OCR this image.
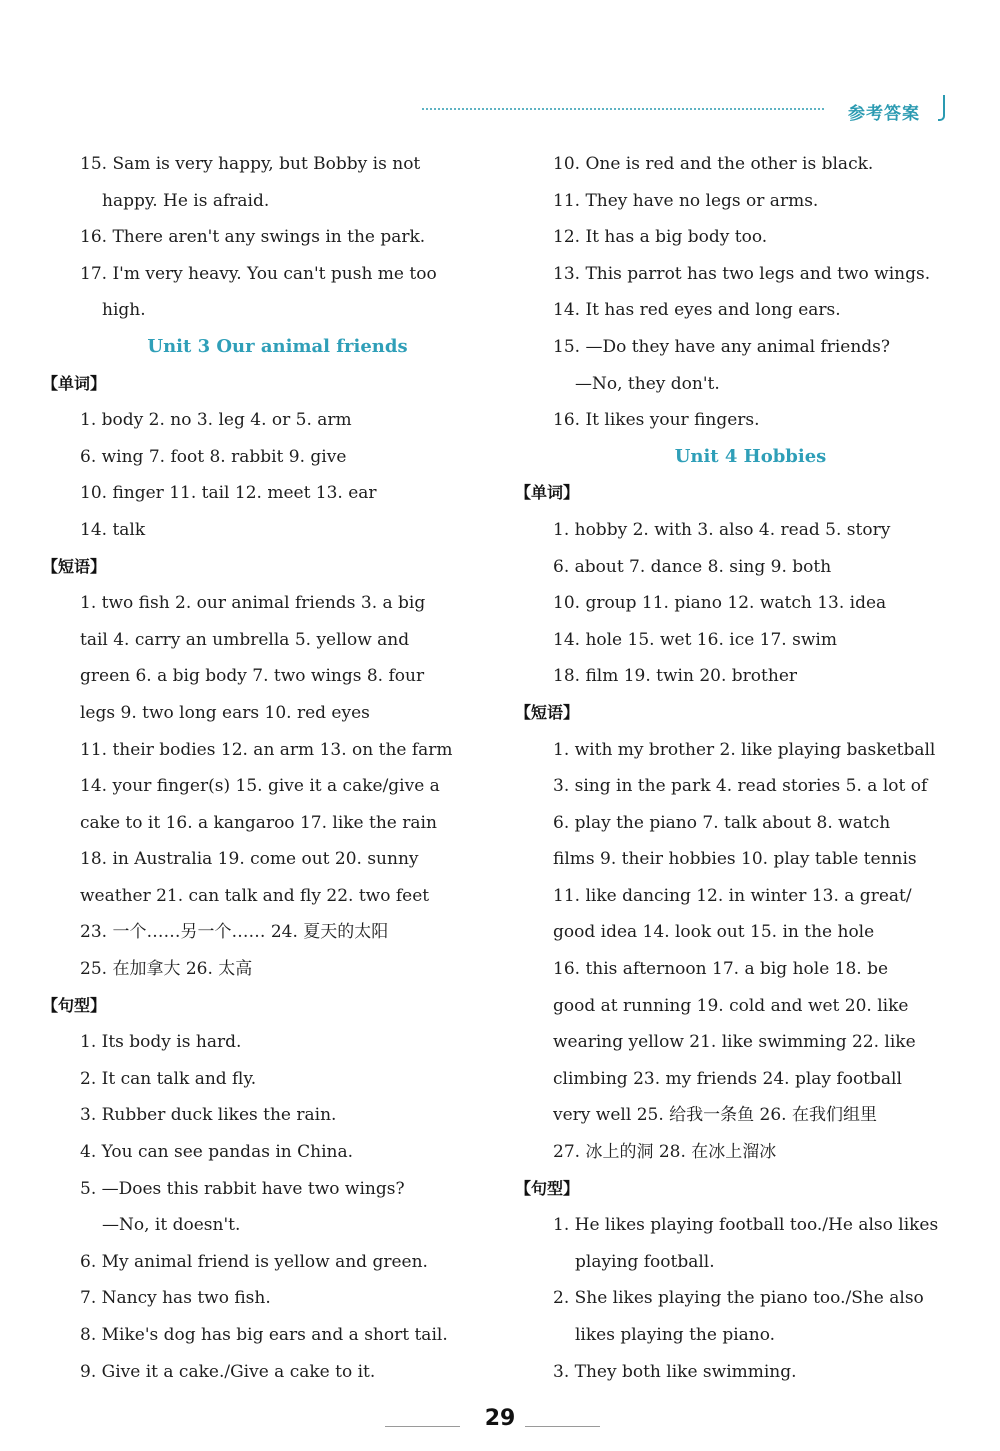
参考答案
15. Sam is very happy, but Bobby is not
happy. He is afraid.
16. There aren't any swings in the park.
17. I'm very heavy. You can't push me too
high.
Unit 3 Our animal friends
【单词】
1. body 2. no 3. leg 4. or 5. arm
6. wing 7. foot 8. rabbit 9. give
10. finger 11. tail 12. meet 13. ear
14. talk
【短语】
1. two fish 2. our animal friends 3. a big
tail 4. carry an umbrella 5. yellow and
green 6. a big body 7. two wings 8. four
legs 9. two long ears 10. red eyes
11. their bodies 12. an arm 13. on the farm
14. your finger(s) 15. give it a cake/give a
cake to it 16. a kangaroo 17. like the rain
18. in Australia 19. come out 20. sunny
weather 21. can talk and fly 22. two feet
23. 一个……另一个…… 24. 夏天的太阳
25. 在加拿大 26. 太高
【句型】
1. Its body is hard.
2. It can talk and fly.
3. Rubber duck likes the rain.
4. You can see pandas in China.
5. —Does this rabbit have two wings?
—No, it doesn't.
6. My animal friend is yellow and green.
7. Nancy has two fish.
8. Mike's dog has big ears and a short tail.
9. Give it a cake./Give a cake to it.
10. One is red and the other is black.
11. They have no legs or arms.
12. It has a big body too.
13. This parrot has two legs and two wings.
14. It has red eyes and long ears.
15. —Do they have any animal friends?
—No, they don't.
16. It likes your fingers.
Unit 4 Hobbies
【单词】
1. hobby 2. with 3. also 4. read 5. story
6. about 7. dance 8. sing 9. both
10. group 11. piano 12. watch 13. idea
14. hole 15. wet 16. ice 17. swim
18. film 19. twin 20. brother
【短语】
1. with my brother 2. like playing basketball
3. sing in the park 4. read stories 5. a lot of
6. play the piano 7. talk about 8. watch
films 9. their hobbies 10. play table tennis
11. like dancing 12. in winter 13. a great/
good idea 14. look out 15. in the hole
16. this afternoon 17. a big hole 18. be
good at running 19. cold and wet 20. like
wearing yellow 21. like swimming 22. like
climbing 23. my friends 24. play football
very well 25. 给我一条鱼 26. 在我们组里
27. 冰上的洞 28. 在冰上溜冰
【句型】
1. He likes playing football too./He also likes
playing football.
2. She likes playing the piano too./She also
likes playing the piano.
3. They both like swimming.
29
